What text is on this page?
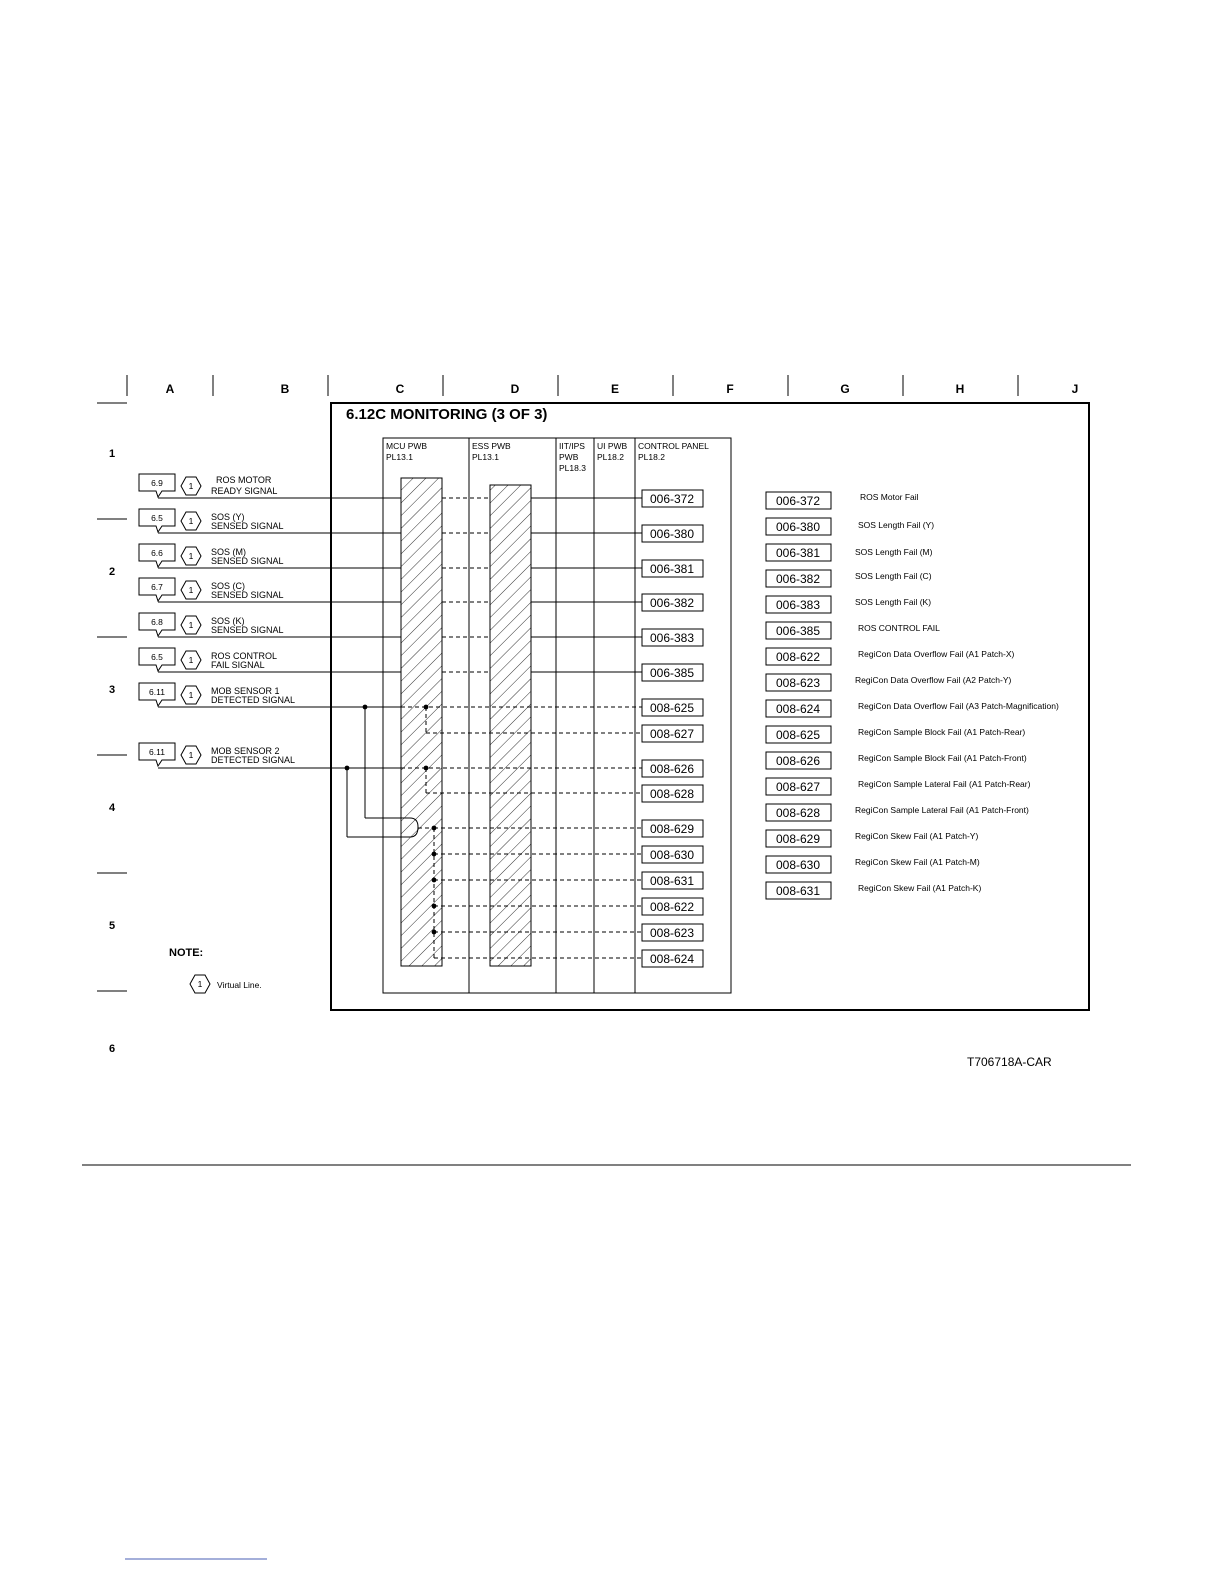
A	B	C	D	E	F	G	H	J
1
2
3
4
5
6
6.12C MONITORING (3 OF 3)
MCU PWB
PL13.1
ESS PWB
PL13.1
IIT/IPS
PWB
PL18.3
UI PWB
PL18.2
CONTROL PANEL
PL18.2
6.9	1
ROS MOTOR
READY SIGNAL
6.5	1 SOS (Y)
SENSED SIGNAL
6.6	1 SOS (M)
SENSED SIGNAL
6.7	1 SOS (C)
SENSED SIGNAL
6.8	1 SOS (K)
SENSED SIGNAL
6.5	1 ROS CONTROL
FAIL SIGNAL
6.11	1 MOB SENSOR 1
DETECTED SIGNAL
6.11	1 MOB SENSOR 2
DETECTED SIGNAL
006-372
006-380
006-381
006-382
006-383
006-385
008-625
008-627
008-626
008-628
008-629
008-630
008-631
008-622
008-623
008-624
006-372	ROS Motor Fail
006-380	SOS Length Fail (Y)
006-381	SOS Length Fail (M)
006-382	SOS Length Fail (C)
006-383	SOS Length Fail (K)
006-385	ROS CONTROL FAIL
008-622	RegiCon Data Overflow Fail (A1 Patch-X)
008-623	RegiCon Data Overflow Fail (A2 Patch-Y)
008-624	RegiCon Data Overflow Fail (A3 Patch-Magnification)
008-625	RegiCon Sample Block Fail (A1 Patch-Rear)
008-626	RegiCon Sample Block Fail (A1 Patch-Front)
008-627	RegiCon Sample Lateral Fail (A1 Patch-Rear)
008-628	RegiCon Sample Lateral Fail (A1 Patch-Front)
008-629	RegiCon Skew Fail (A1 Patch-Y)
008-630	RegiCon Skew Fail (A1 Patch-M)
008-631	RegiCon Skew Fail (A1 Patch-K)
NOTE:
1 Virtual Line.
T706718A-CAR
